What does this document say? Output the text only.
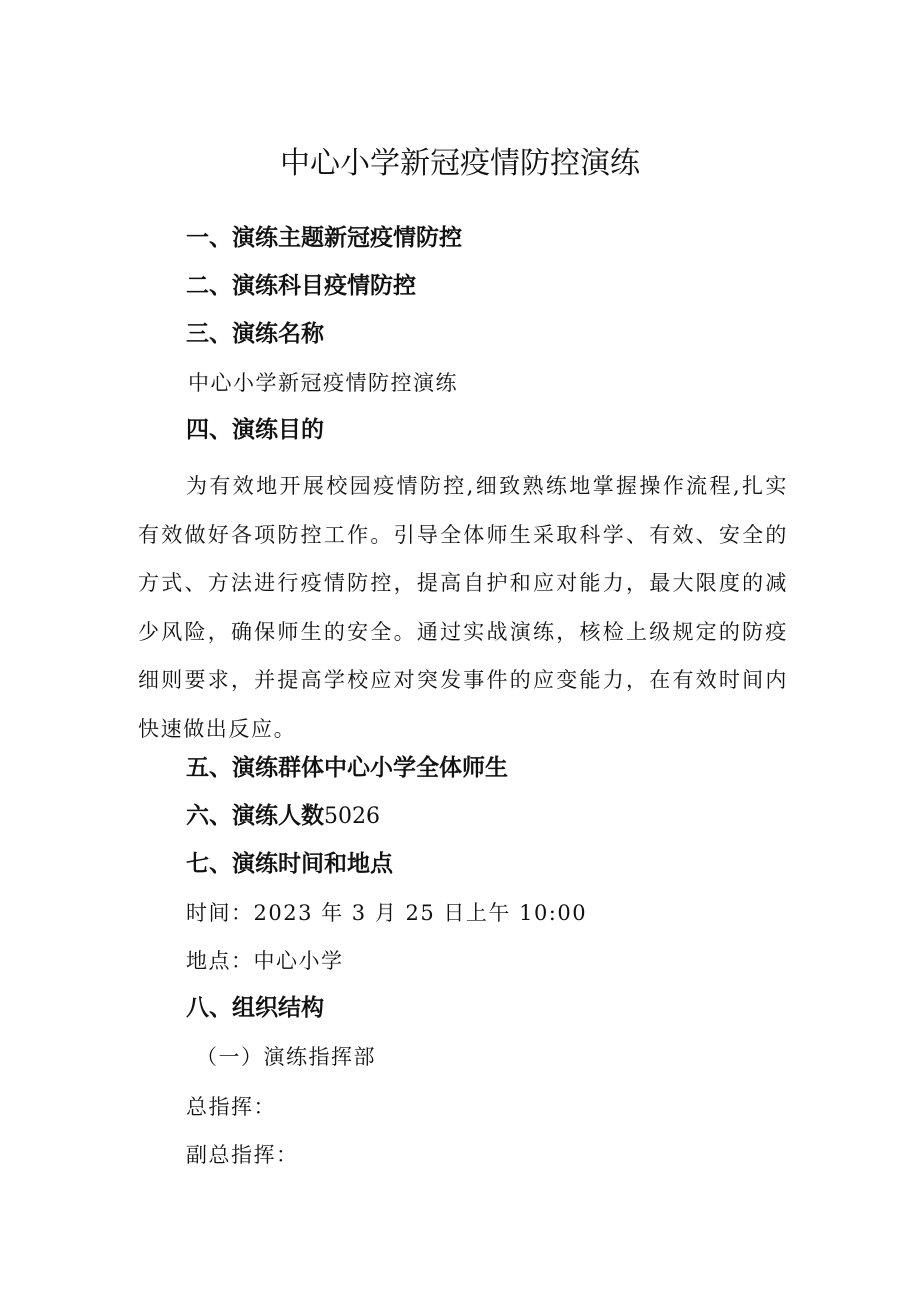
中心小学新冠疫情防控演练

一、演练主题新冠疫情防控

二、演练科目疫情防控

三、演练名称

中心小学新冠疫情防控演练

四、演练目的

为有效地开展校园疫情防控,细致熟练地掌握操作流程,扎实有效做好各项防控工作。引导全体师生采取科学、有效、安全的方式、方法进行疫情防控，提高自护和应对能力，最大限度的减少风险，确保师生的安全。通过实战演练，核检上级规定的防疫细则要求，并提高学校应对突发事件的应变能力，在有效时间内快速做出反应。

五、演练群体中心小学全体师生

六、演练人数5026

七、演练时间和地点

时间：2023 年 3 月 25 日上午 10:00

地点：中心小学

八、组织结构

（一）演练指挥部

总指挥：

副总指挥：
